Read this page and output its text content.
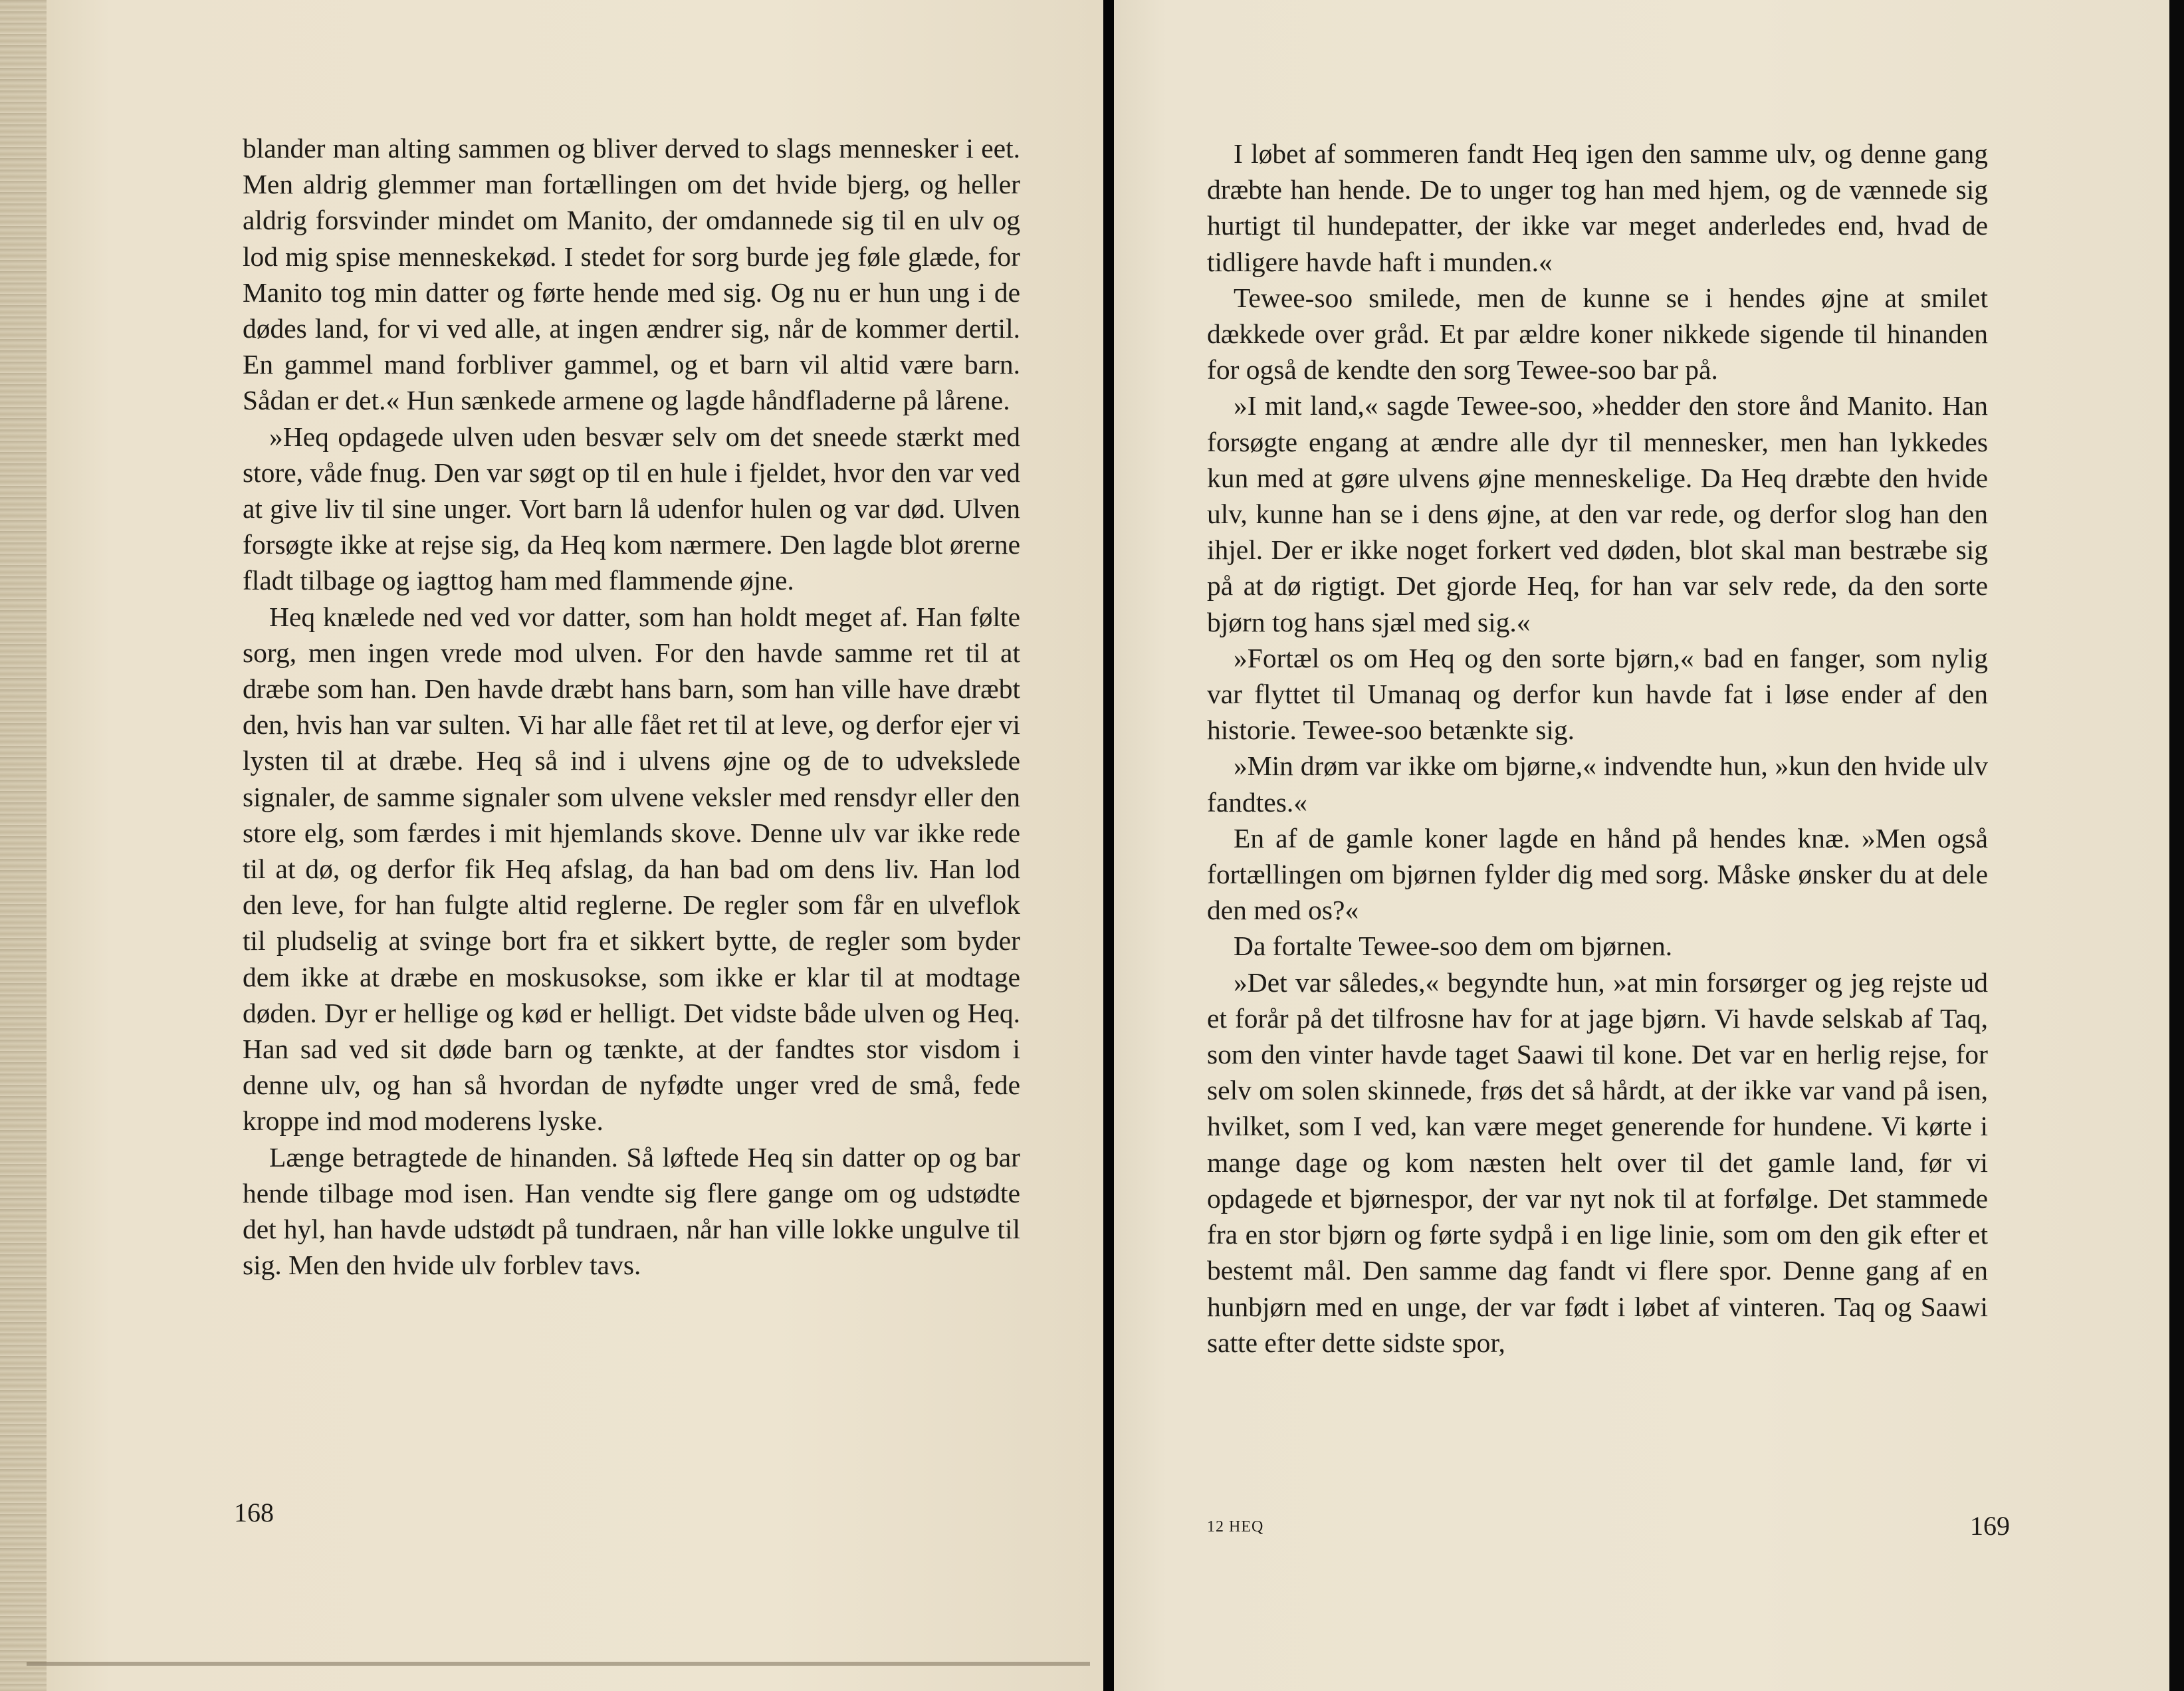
blander man alting sammen og bliver derved to slags mennesker i eet. Men aldrig glemmer man fortællingen om det hvide bjerg, og heller aldrig forsvinder mindet om Manito, der omdannede sig til en ulv og lod mig spise menneskekød. I stedet for sorg burde jeg føle glæde, for Manito tog min datter og førte hende med sig. Og nu er hun ung i de dødes land, for vi ved alle, at ingen ændrer sig, når de kommer dertil. En gammel mand forbliver gammel, og et barn vil altid være barn. Sådan er det.« Hun sænkede armene og lagde håndfladerne på lårene.

»Heq opdagede ulven uden besvær selv om det sneede stærkt med store, våde fnug. Den var søgt op til en hule i fjeldet, hvor den var ved at give liv til sine unger. Vort barn lå udenfor hulen og var død. Ulven forsøgte ikke at rejse sig, da Heq kom nærmere. Den lagde blot ørerne fladt tilbage og iagttog ham med flammende øjne.

Heq knælede ned ved vor datter, som han holdt meget af. Han følte sorg, men ingen vrede mod ulven. For den havde samme ret til at dræbe som han. Den havde dræbt hans barn, som han ville have dræbt den, hvis han var sulten. Vi har alle fået ret til at leve, og derfor ejer vi lysten til at dræbe. Heq så ind i ulvens øjne og de to udvekslede signaler, de samme signaler som ulvene veksler med rensdyr eller den store elg, som færdes i mit hjemlands skove. Denne ulv var ikke rede til at dø, og derfor fik Heq afslag, da han bad om dens liv. Han lod den leve, for han fulgte altid reglerne. De regler som får en ulveflok til pludselig at svinge bort fra et sikkert bytte, de regler som byder dem ikke at dræbe en moskusokse, som ikke er klar til at modtage døden. Dyr er hellige og kød er helligt. Det vidste både ulven og Heq. Han sad ved sit døde barn og tænkte, at der fandtes stor visdom i denne ulv, og han så hvordan de nyfødte unger vred de små, fede kroppe ind mod moderens lyske.

Længe betragtede de hinanden. Så løftede Heq sin datter op og bar hende tilbage mod isen. Han vendte sig flere gange om og udstødte det hyl, han havde udstødt på tundraen, når han ville lokke ungulve til sig. Men den hvide ulv forblev tavs.

168

I løbet af sommeren fandt Heq igen den samme ulv, og denne gang dræbte han hende. De to unger tog han med hjem, og de vænnede sig hurtigt til hundepatter, der ikke var meget anderledes end, hvad de tidligere havde haft i munden.«

Tewee-soo smilede, men de kunne se i hendes øjne at smilet dækkede over gråd. Et par ældre koner nikkede sigende til hinanden for også de kendte den sorg Tewee-soo bar på.

»I mit land,« sagde Tewee-soo, »hedder den store ånd Manito. Han forsøgte engang at ændre alle dyr til mennesker, men han lykkedes kun med at gøre ulvens øjne menneskelige. Da Heq dræbte den hvide ulv, kunne han se i dens øjne, at den var rede, og derfor slog han den ihjel. Der er ikke noget forkert ved døden, blot skal man bestræbe sig på at dø rigtigt. Det gjorde Heq, for han var selv rede, da den sorte bjørn tog hans sjæl med sig.«

»Fortæl os om Heq og den sorte bjørn,« bad en fanger, som nylig var flyttet til Umanaq og derfor kun havde fat i løse ender af den historie. Tewee-soo betænkte sig.

»Min drøm var ikke om bjørne,« indvendte hun, »kun den hvide ulv fandtes.«

En af de gamle koner lagde en hånd på hendes knæ. »Men også fortællingen om bjørnen fylder dig med sorg. Måske ønsker du at dele den med os?«

Da fortalte Tewee-soo dem om bjørnen.

»Det var således,« begyndte hun, »at min forsørger og jeg rejste ud et forår på det tilfrosne hav for at jage bjørn. Vi havde selskab af Taq, som den vinter havde taget Saawi til kone. Det var en herlig rejse, for selv om solen skinnede, frøs det så hårdt, at der ikke var vand på isen, hvilket, som I ved, kan være meget generende for hundene. Vi kørte i mange dage og kom næsten helt over til det gamle land, før vi opdagede et bjørnespor, der var nyt nok til at forfølge. Det stammede fra en stor bjørn og førte sydpå i en lige linie, som om den gik efter et bestemt mål. Den samme dag fandt vi flere spor. Denne gang af en hunbjørn med en unge, der var født i løbet af vinteren. Taq og Saawi satte efter dette sidste spor,

12 HEQ	169
